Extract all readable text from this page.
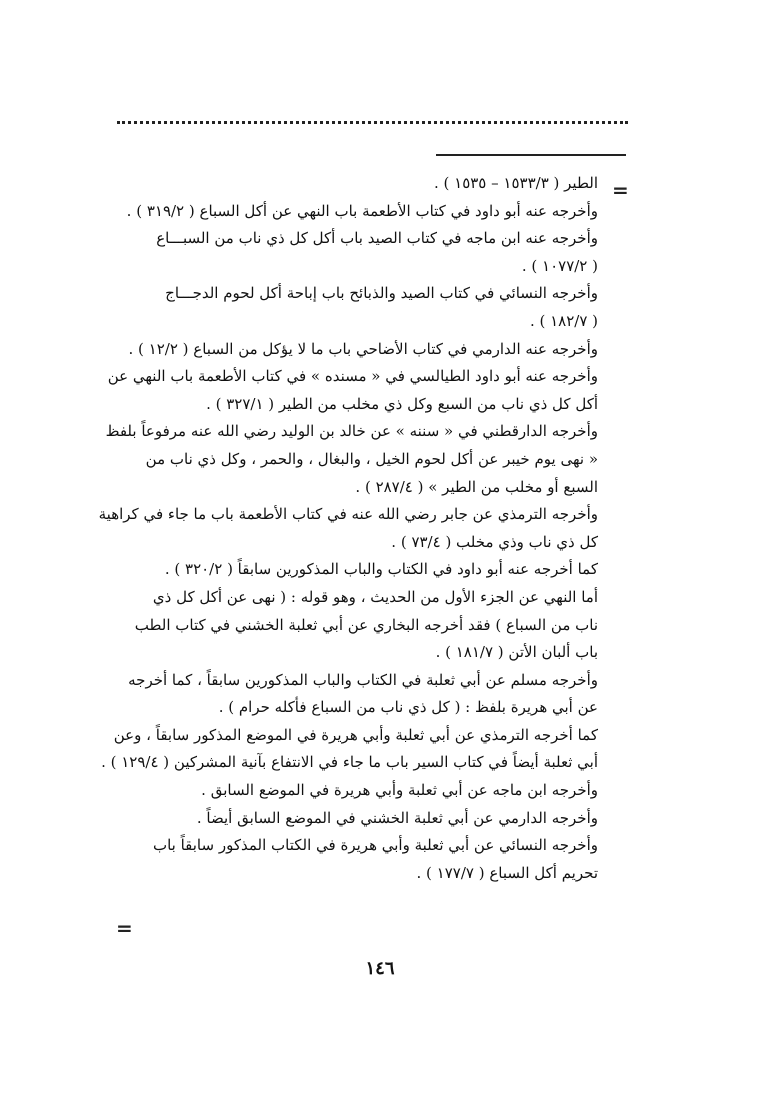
=
الطير ( ١٥٣٣/٣ – ١٥٣٥ ) .
وأخرجه عنه أبو داود في كتاب الأطعمة باب النهي عن أكل السباع ( ٣١٩/٢ ) .
وأخرجه عنه ابن ماجه في كتاب الصيد باب أكل كل ذي ناب من السبـــاع
( ١٠٧٧/٢ ) .
وأخرجه النسائي في كتاب الصيد والذبائح باب إباحة أكل لحوم الدجـــاج
( ١٨٢/٧ ) .
وأخرجه عنه الدارمي في كتاب الأضاحي باب ما لا يؤكل من السباع ( ١٢/٢ ) .
وأخرجه عنه أبو داود الطيالسي في « مسنده » في كتاب الأطعمة باب النهي عن
أكل كل ذي ناب من السبع وكل ذي مخلب من الطير ( ٣٢٧/١ ) .
وأخرجه الدارقطني في « سننه » عن خالد بن الوليد رضي الله عنه مرفوعاً بلفظ
« نهى يوم خيبر عن أكل لحوم الخيل ، والبغال ، والحمر ، وكل ذي ناب من
السبع أو مخلب من الطير » ( ٢٨٧/٤ ) .
وأخرجه الترمذي عن جابر رضي الله عنه في كتاب الأطعمة باب ما جاء في كراهية
كل ذي ناب وذي مخلب ( ٧٣/٤ ) .
كما أخرجه عنه أبو داود في الكتاب والباب المذكورين سابقاً ( ٣٢٠/٢ ) .
أما النهي عن الجزء الأول من الحديث ، وهو قوله : ( نهى عن أكل كل ذي
ناب من السباع ) فقد أخرجه البخاري عن أبي ثعلبة الخشني في كتاب الطب
باب ألبان الأتن ( ١٨١/٧ ) .
وأخرجه مسلم عن أبي ثعلبة في الكتاب والباب المذكورين سابقاً ، كما أخرجه
عن أبي هريرة بلفظ : ( كل ذي ناب من السباع فأكله حرام ) .
كما أخرجه الترمذي عن أبي ثعلبة وأبي هريرة في الموضع المذكور سابقاً ، وعن
أبي ثعلبة أيضاً في كتاب السير باب ما جاء في الانتفاع بآنية المشركين ( ١٢٩/٤ ) .
وأخرجه ابن ماجه عن أبي ثعلبة وأبي هريرة في الموضع السابق .
وأخرجه الدارمي عن أبي ثعلبة الخشني في الموضع السابق أيضاً .
وأخرجه النسائي عن أبي ثعلبة وأبي هريرة في الكتاب المذكور سابقاً باب
تحريم أكل السباع ( ١٧٧/٧ ) .
=
١٤٦
